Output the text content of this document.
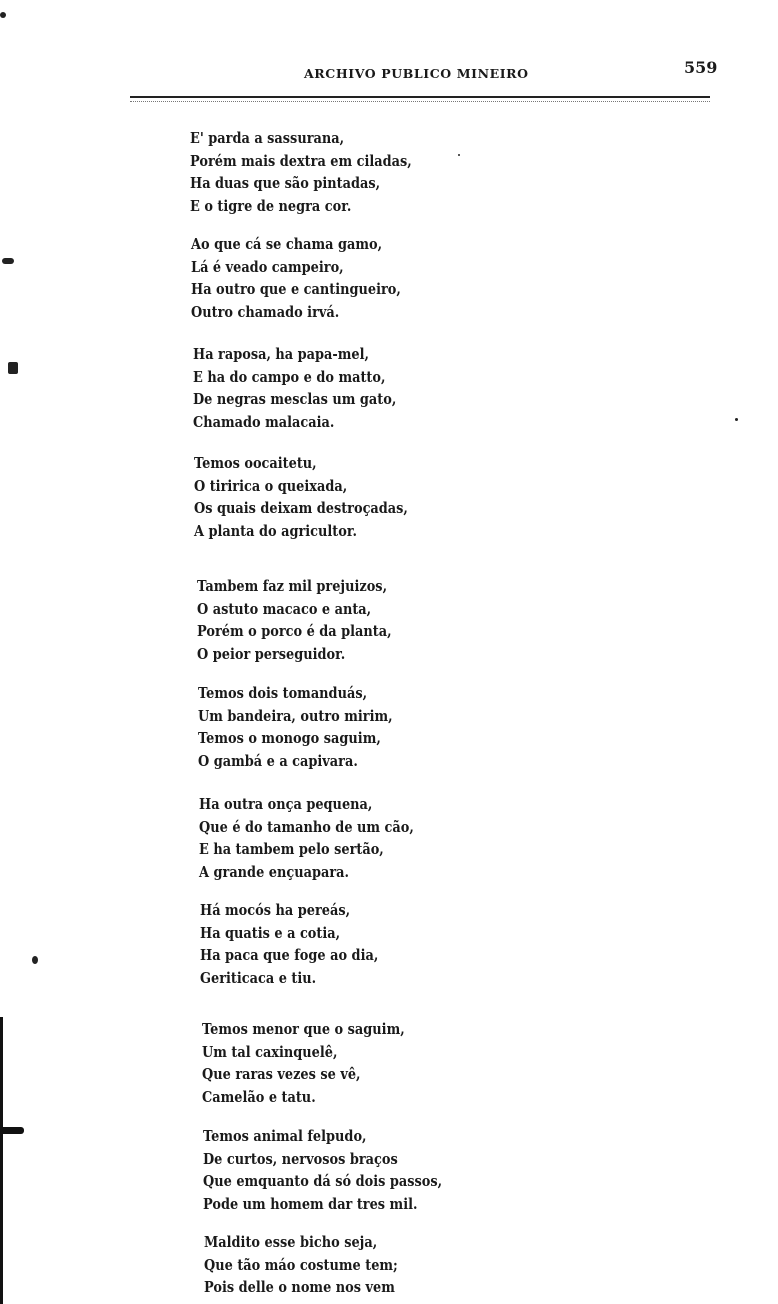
ARCHIVO PUBLICO MINEIRO	559
E' parda a sassurana,
Porém mais dextra em ciladas,
Ha duas que são pintadas,
E o tigre de negra cor.
Ao que cá se chama gamo,
Lá é veado campeiro,
Ha outro que e cantingueiro,
Outro chamado irvá.
Ha raposa, ha papa-mel,
E ha do campo e do matto,
De negras mesclas um gato,
Chamado malacaia.
Temos oocaitetu,
O tiririca o queixada,
Os quais deixam destroçadas,
A planta do agricultor.
Tambem faz mil prejuizos,
O astuto macaco e anta,
Porém o porco é da planta,
O peior perseguidor.
Temos dois tomanduás,
Um bandeira, outro mirim,
Temos o monogo saguim,
O gambá e a capivara.
Ha outra onça pequena,
Que é do tamanho de um cão,
E ha tambem pelo sertão,
A grande ençuapara.
Há mocós ha pereás,
Ha quatis e a cotia,
Ha paca que foge ao dia,
Geriticaca e tiu.
Temos menor que o saguim,
Um tal caxinquelê,
Que raras vezes se vê,
Camelão e tatu.
Temos animal felpudo,
De curtos, nervosos braços
Que emquanto dá só dois passos,
Pode um homem dar tres mil.
Maldito esse bicho seja,
Que tão máo costume tem;
Pois delle o nome nos vem
